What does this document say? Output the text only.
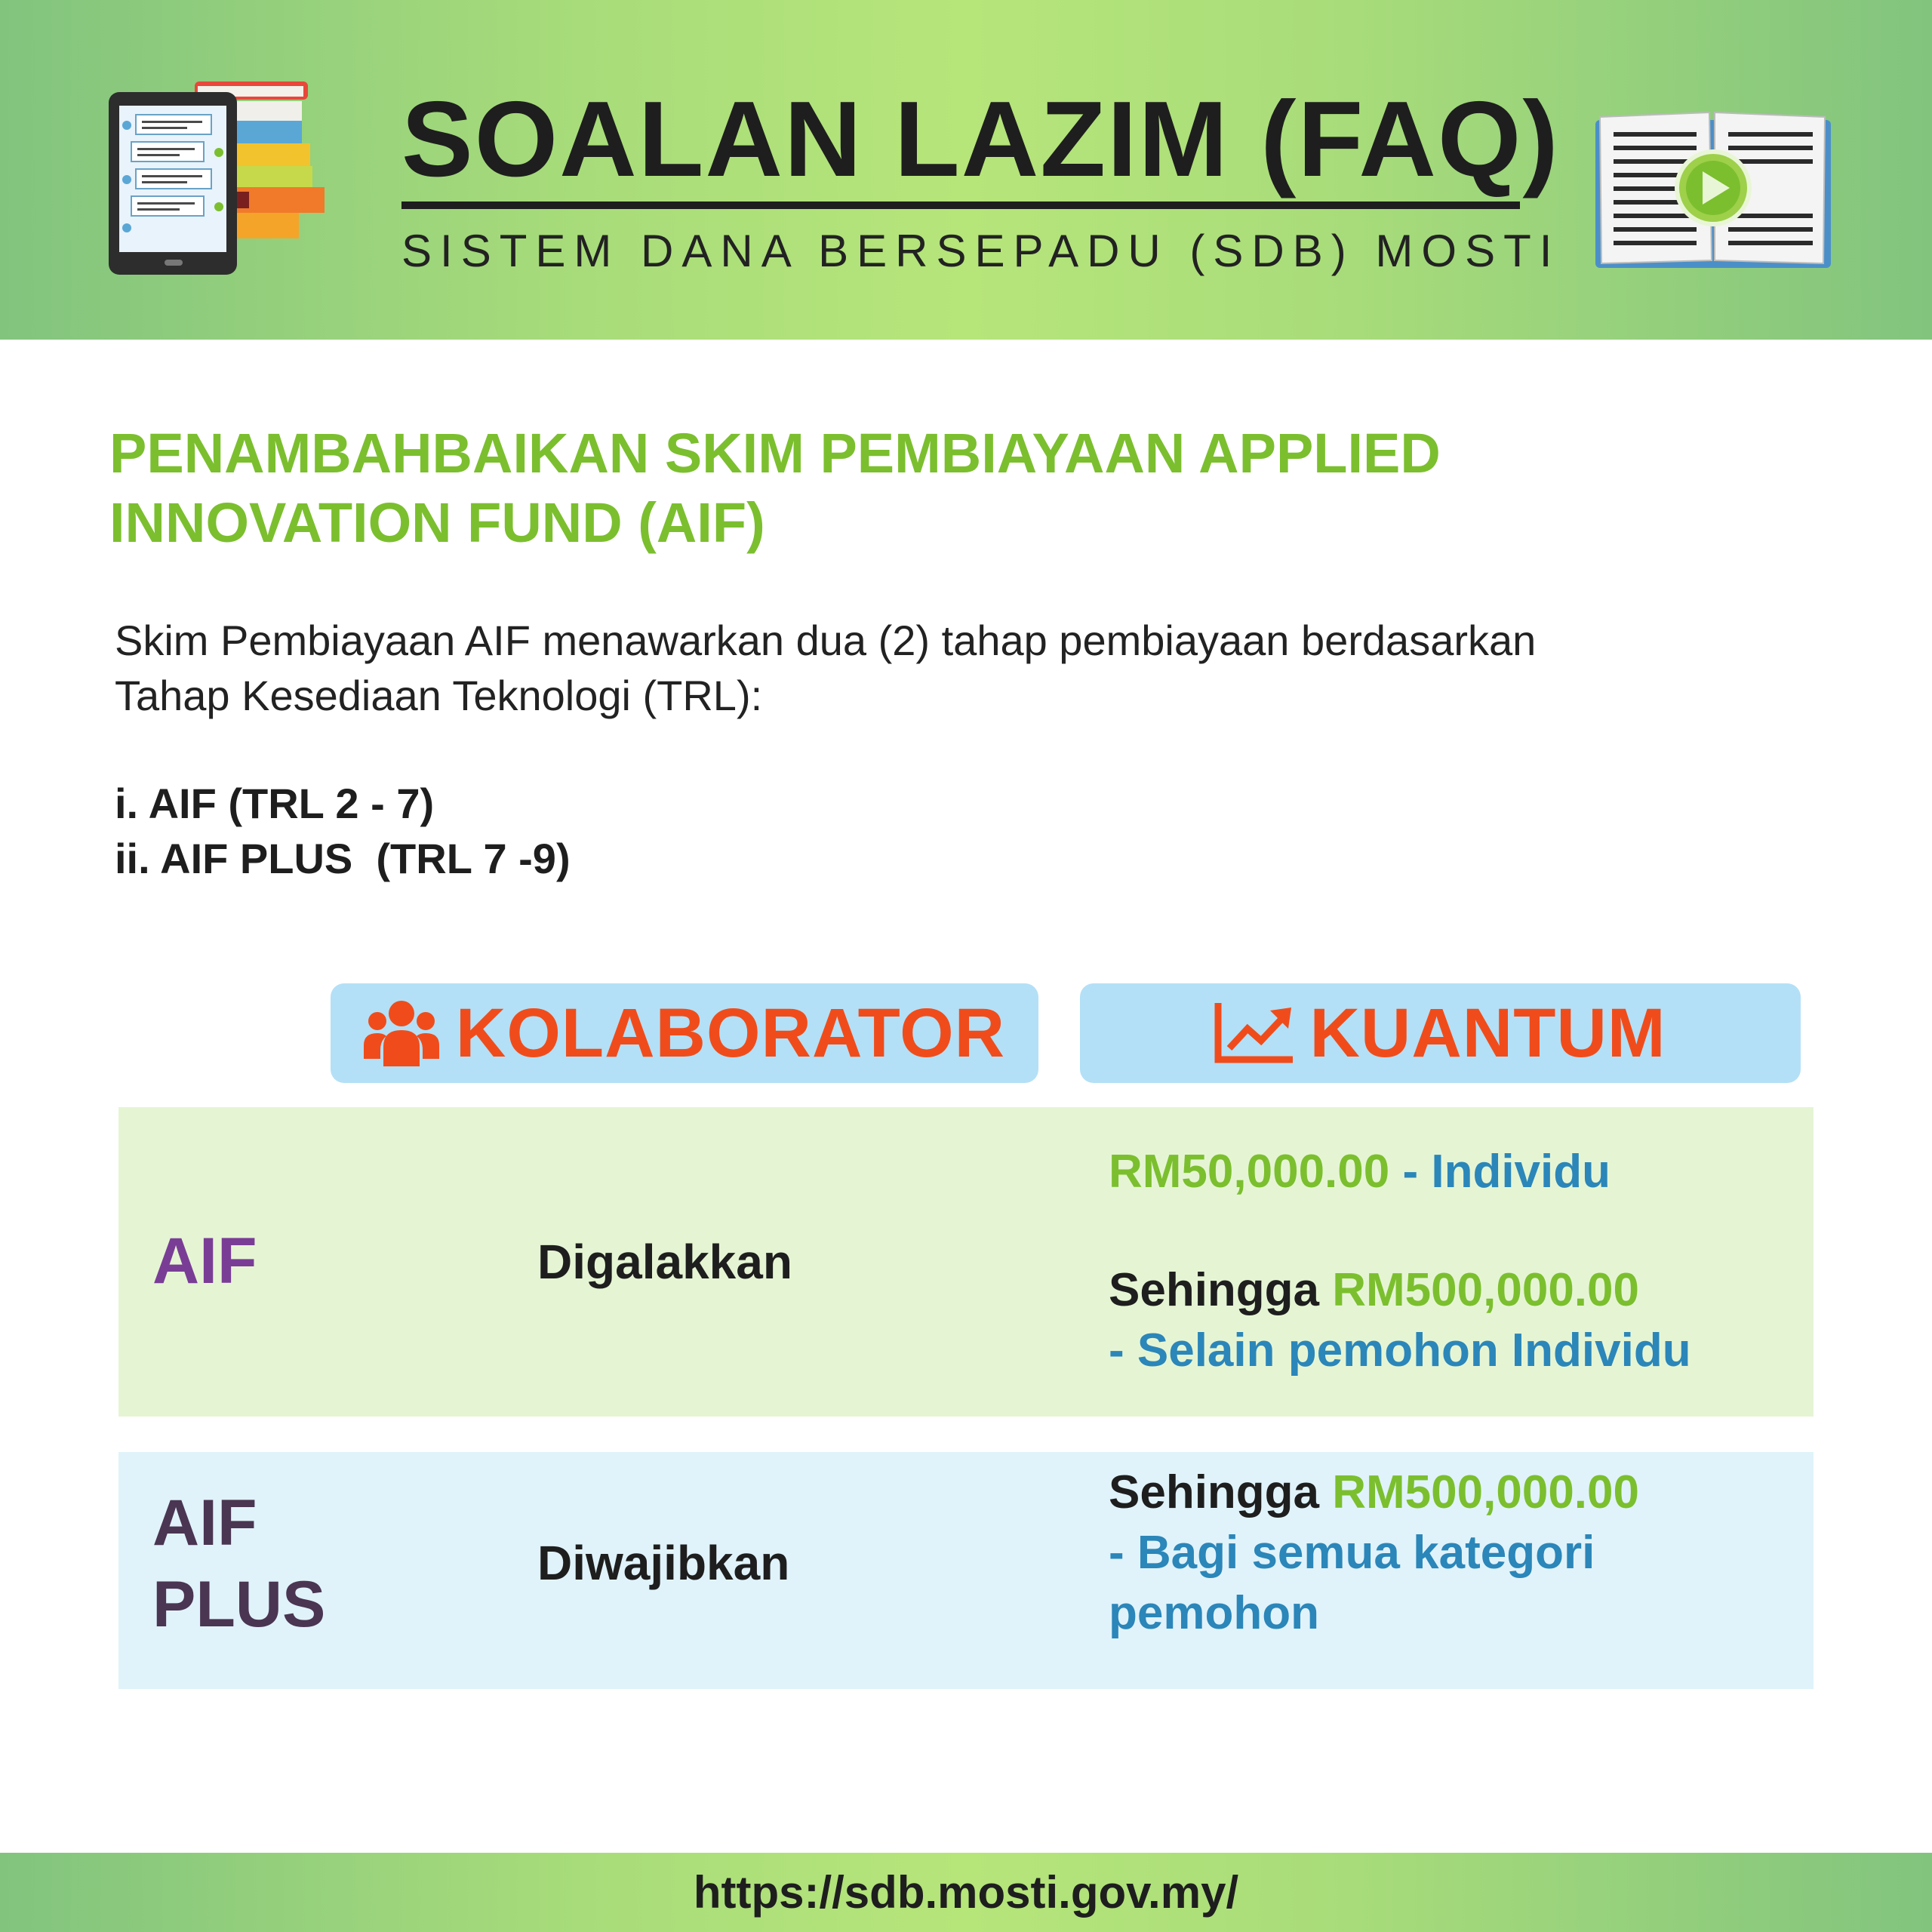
SOALAN LAZIM (FAQ)
SISTEM DANA BERSEPADU (SDB) MOSTI
PENAMBAHBAIKAN SKIM PEMBIAYAAN APPLIED
INNOVATION FUND (AIF)
Skim Pembiayaan AIF menawarkan dua (2) tahap pembiayaan berdasarkan
Tahap Kesediaan Teknologi (TRL):
i. AIF (TRL 2 - 7)
ii. AIF PLUS  (TRL 7 -9)
KOLABORATOR	KUANTUM
AIF	Digalakkan
RM50,000.00 - Individu
Sehingga RM500,000.00
- Selain pemohon Individu
AIF
PLUS
Diwajibkan
Sehingga RM500,000.00
- Bagi semua kategori
pemohon
https://sdb.mosti.gov.my/
